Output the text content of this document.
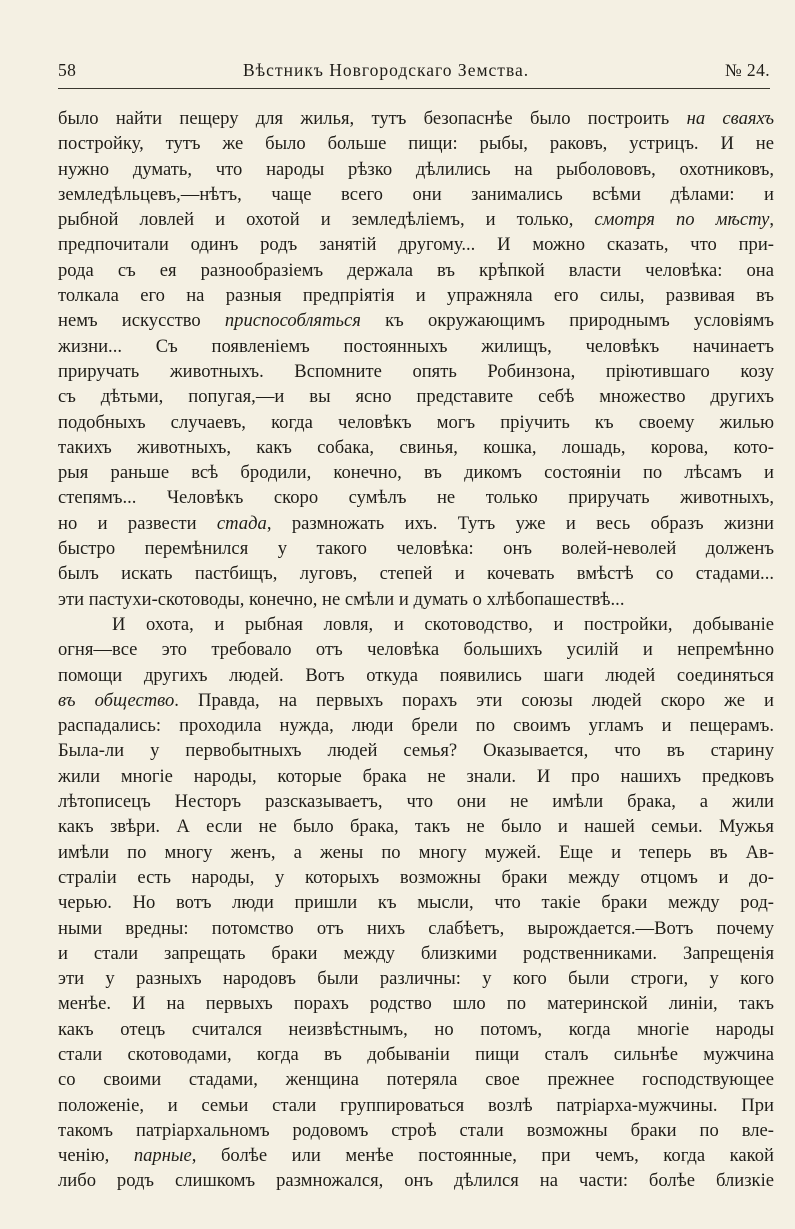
58	Вѣстникъ Новгородскаго Земства.	№ 24.
было найти пещеру для жилья, тутъ безопаснѣе было построить на сваяхъ
постройку, тутъ же было больше пищи: рыбы, раковъ, устрицъ. И не
нужно думать, что народы рѣзко дѣлились на рыболововъ, охотниковъ,
земледѣльцевъ,—нѣтъ, чаще всего они занимались всѣми дѣлами: и
рыбной ловлей и охотой и земледѣліемъ, и только, смотря по мѣсту,
предпочитали одинъ родъ занятій другому... И можно сказать, что при-
рода съ ея разнообразіемъ держала въ крѣпкой власти человѣка: она
толкала его на разныя предпріятія и упражняла его силы, развивая въ
немъ искусство приспособляться къ окружающимъ природнымъ условіямъ
жизни... Съ появленіемъ постоянныхъ жилищъ, человѣкъ начинаетъ
приручать животныхъ. Вспомните опять Робинзона, пріютившаго козу
съ дѣтьми, попугая,—и вы ясно представите себѣ множество другихъ
подобныхъ случаевъ, когда человѣкъ могъ пріучить къ своему жилью
такихъ животныхъ, какъ собака, свинья, кошка, лошадь, корова, кото-
рыя раньше всѣ бродили, конечно, въ дикомъ состояніи по лѣсамъ и
степямъ... Человѣкъ скоро сумѣлъ не только приручать животныхъ,
но и развести стада, размножать ихъ. Тутъ уже и весь образъ жизни
быстро перемѣнился у такого человѣка: онъ волей-неволей долженъ
былъ искать пастбищъ, луговъ, степей и кочевать вмѣстѣ со стадами...
эти пастухи-скотоводы, конечно, не смѣли и думать о хлѣбопашествѣ...
И охота, и рыбная ловля, и скотоводство, и постройки, добываніе
огня—все это требовало отъ человѣка большихъ усилій и непремѣнно
помощи другихъ людей. Вотъ откуда появились шаги людей соединяться
въ общество. Правда, на первыхъ порахъ эти союзы людей скоро же и
распадались: проходила нужда, люди брели по своимъ угламъ и пещерамъ.
Была-ли у первобытныхъ людей семья? Оказывается, что въ старину
жили многіе народы, которые брака не знали. И про нашихъ предковъ
лѣтописецъ Несторъ разсказываетъ, что они не имѣли брака, а жили
какъ звѣри. А если не было брака, такъ не было и нашей семьи. Мужья
имѣли по многу женъ, а жены по многу мужей. Еще и теперь въ Ав-
страліи есть народы, у которыхъ возможны браки между отцомъ и до-
черью. Но вотъ люди пришли къ мысли, что такіе браки между род-
ными вредны: потомство отъ нихъ слабѣетъ, вырождается.—Вотъ почему
и стали запрещать браки между близкими родственниками. Запрещенія
эти у разныхъ народовъ были различны: у кого были строги, у кого
менѣе. И на первыхъ порахъ родство шло по материнской линіи, такъ
какъ отецъ считался неизвѣстнымъ, но потомъ, когда многіе народы
стали скотоводами, когда въ добываніи пищи сталъ сильнѣе мужчина
со своими стадами, женщина потеряла свое прежнее господствующее
положеніе, и семьи стали группироваться возлѣ патріарха-мужчины. При
такомъ патріархальномъ родовомъ строѣ стали возможны браки по вле-
ченію, парные, болѣе или менѣе постоянные, при чемъ, когда какой
либо родъ слишкомъ размножался, онъ дѣлился на части: болѣе близкіе
